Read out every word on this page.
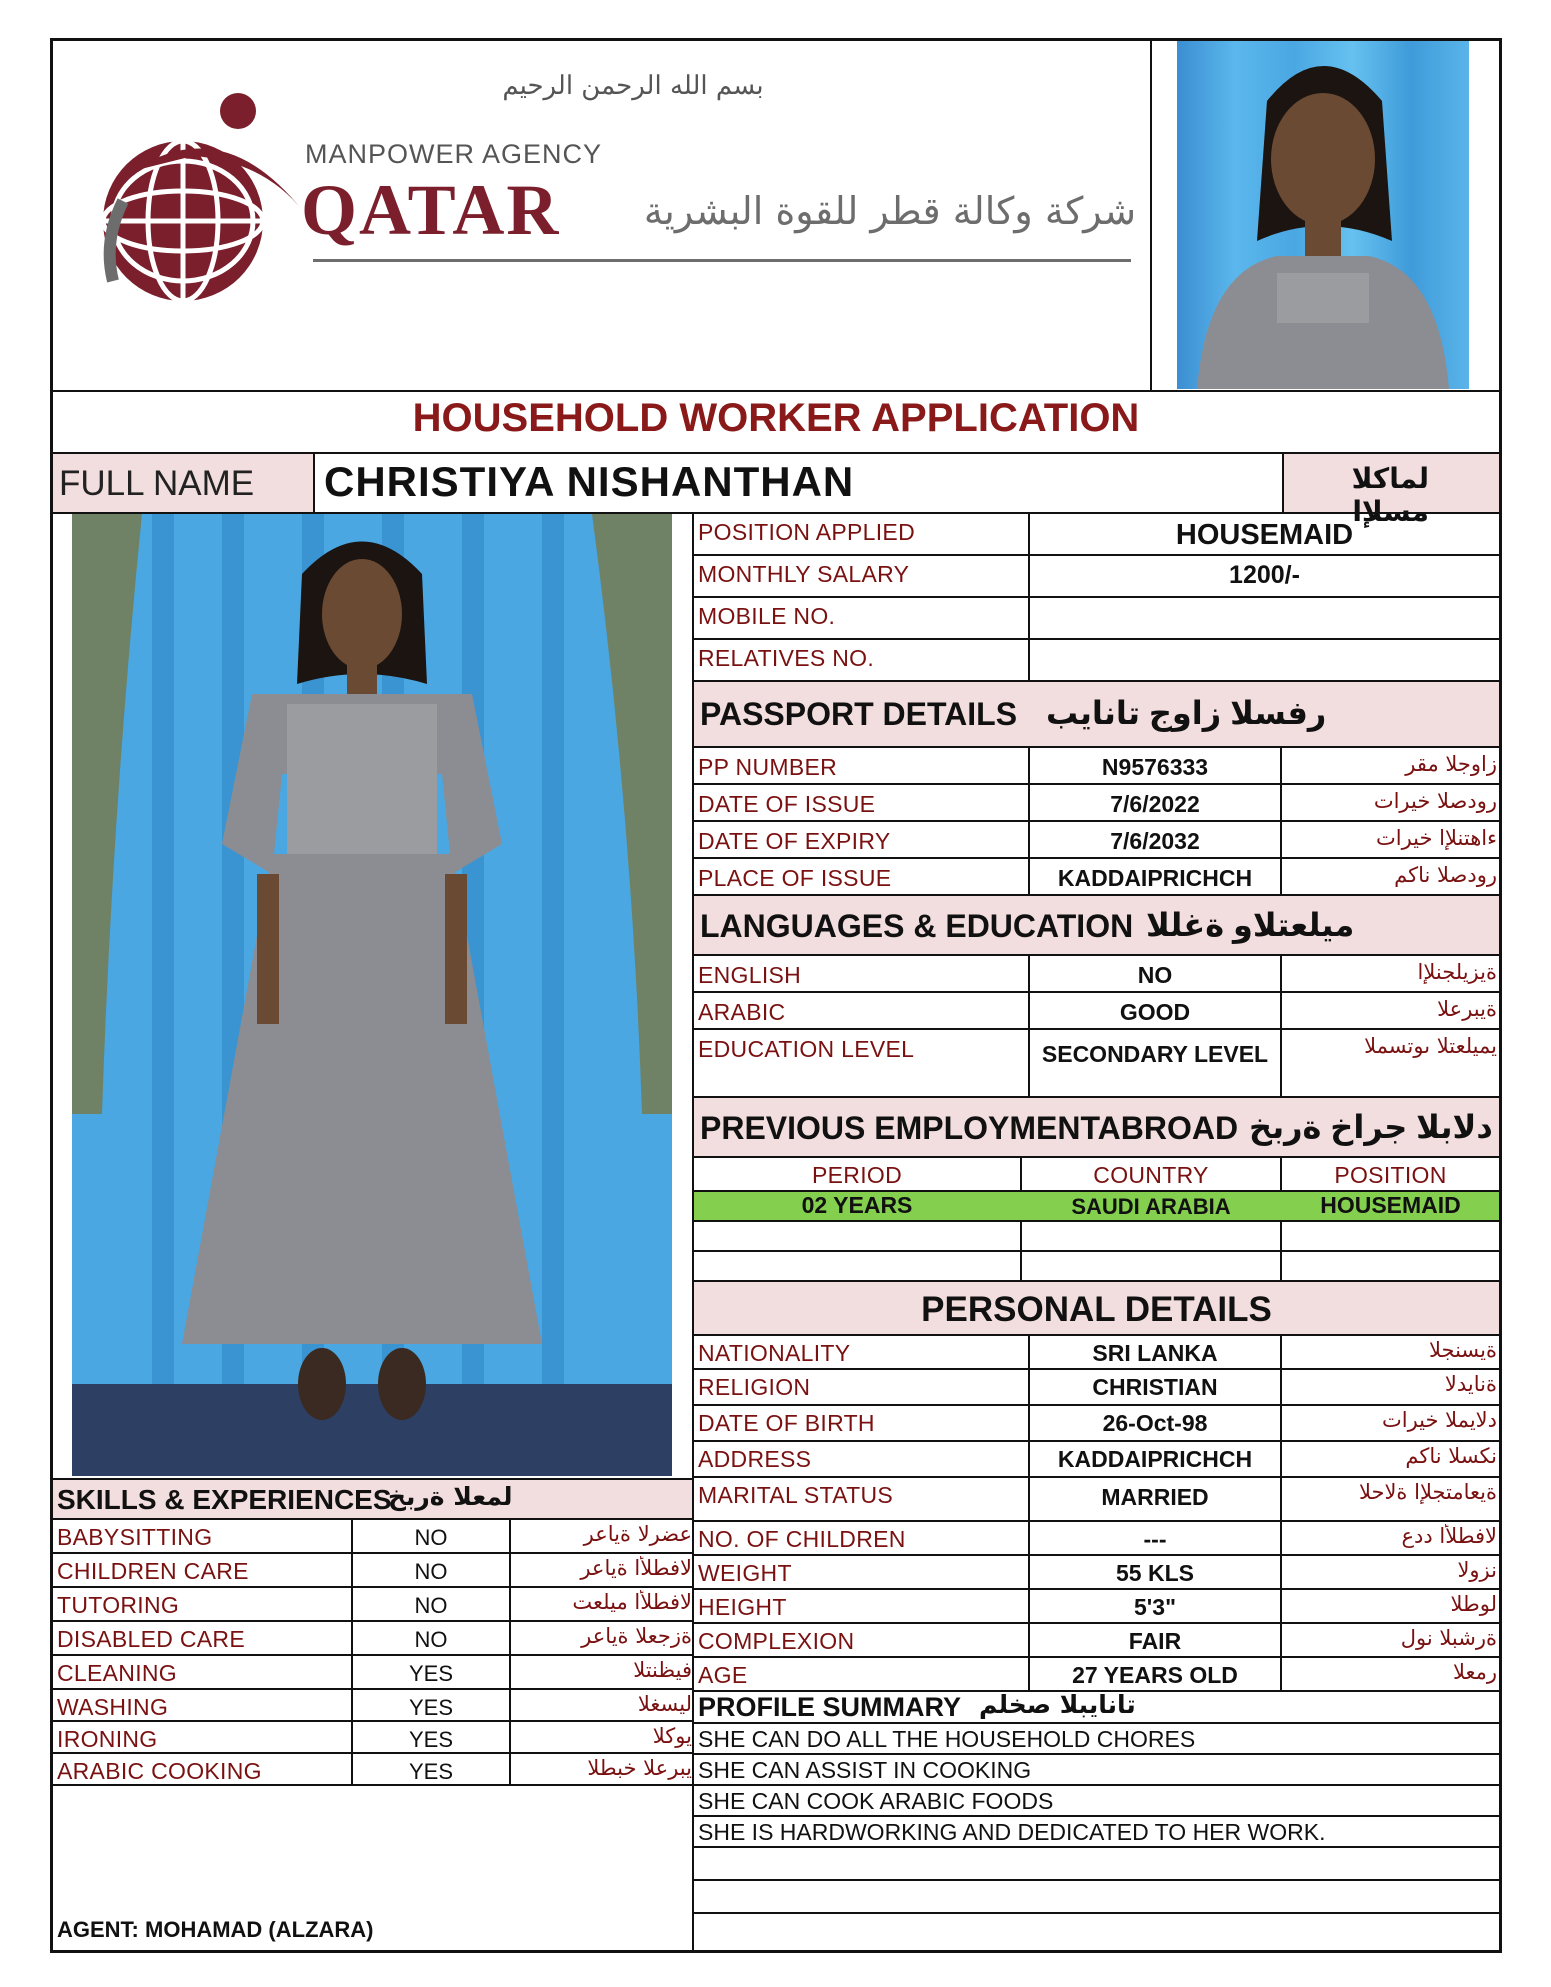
بسم الله الرحمن الرحيم
MANPOWER AGENCY
QATAR	شركة وكالة قطر للقوة البشرية
HOUSEHOLD WORKER APPLICATION
FULL NAME CHRISTIYA NISHANTHAN	لماكلا مسلإا
POSITION APPLIED	HOUSEMAID
MONTHLY SALARY	1200/-
MOBILE NO.
RELATIVES NO.
PASSPORT DETAILS رفسلا زاوج تانايب
PP NUMBER	N9576333	زاوجلا مقر
DATE OF ISSUE	7/6/2022	رودصلا خيرات
DATE OF EXPIRY	7/6/2032	ءاهتنلإا خيرات
PLACE OF ISSUE	KADDAIPRICHCH	رودصلا ناكم
LANGUAGES & EDUCATION ميلعتلاو ةغللا
ENGLISH	NO	ةيزيلجنلإا
ARABIC	GOOD	ةيبرعلا
EDUCATION LEVEL	SECONDARY LEVEL	يميلعتلا ىوتسملا
PREVIOUS EMPLOYMENTABROAD دلابلا جراخ ةربخ
PERIOD	COUNTRY	POSITION
02 YEARS	SAUDI ARABIA	HOUSEMAID
PERSONAL DETAILS
NATIONALITY	SRI LANKA	ةيسنجلا
RELIGION	CHRISTIAN	ةنايدلا
DATE OF BIRTH	26-Oct-98	دلايملا خيرات
ADDRESS	KADDAIPRICHCH	نكسلا ناكم
MARITAL STATUS	MARRIED	ةيعامتجلإا ةلاحلا
NO. OF CHILDREN	---	لافطلأا ددع
WEIGHT	55 KLS	نزولا
HEIGHT	5'3"	لوطلا
COMPLEXION	FAIR	ةرشبلا نول
AGE	27 YEARS OLD	رمعلا
PROFILE SUMMARY تانايبلا صخلم
SHE CAN DO ALL THE HOUSEHOLD CHORES
SHE CAN ASSIST IN COOKING
SHE CAN COOK ARABIC FOODS
SHE IS HARDWORKING AND DEDICATED TO HER WORK.
SKILLS & EXPERIENCES
لمعلا ةربخ
BABYSITTING	NO	عضرلا ةياعر
CHILDREN CARE	NO	لافطلأا ةياعر
TUTORING	NO	لافطلأا ميلعت
DISABLED CARE	NO	ةزجعلا ةياعر
CLEANING	YES	فيظنتلا
WASHING	YES	ليسغلا
IRONING	YES	يوكلا
ARABIC COOKING	YES	يبرعلا خبطلا
AGENT: MOHAMAD (ALZARA)
